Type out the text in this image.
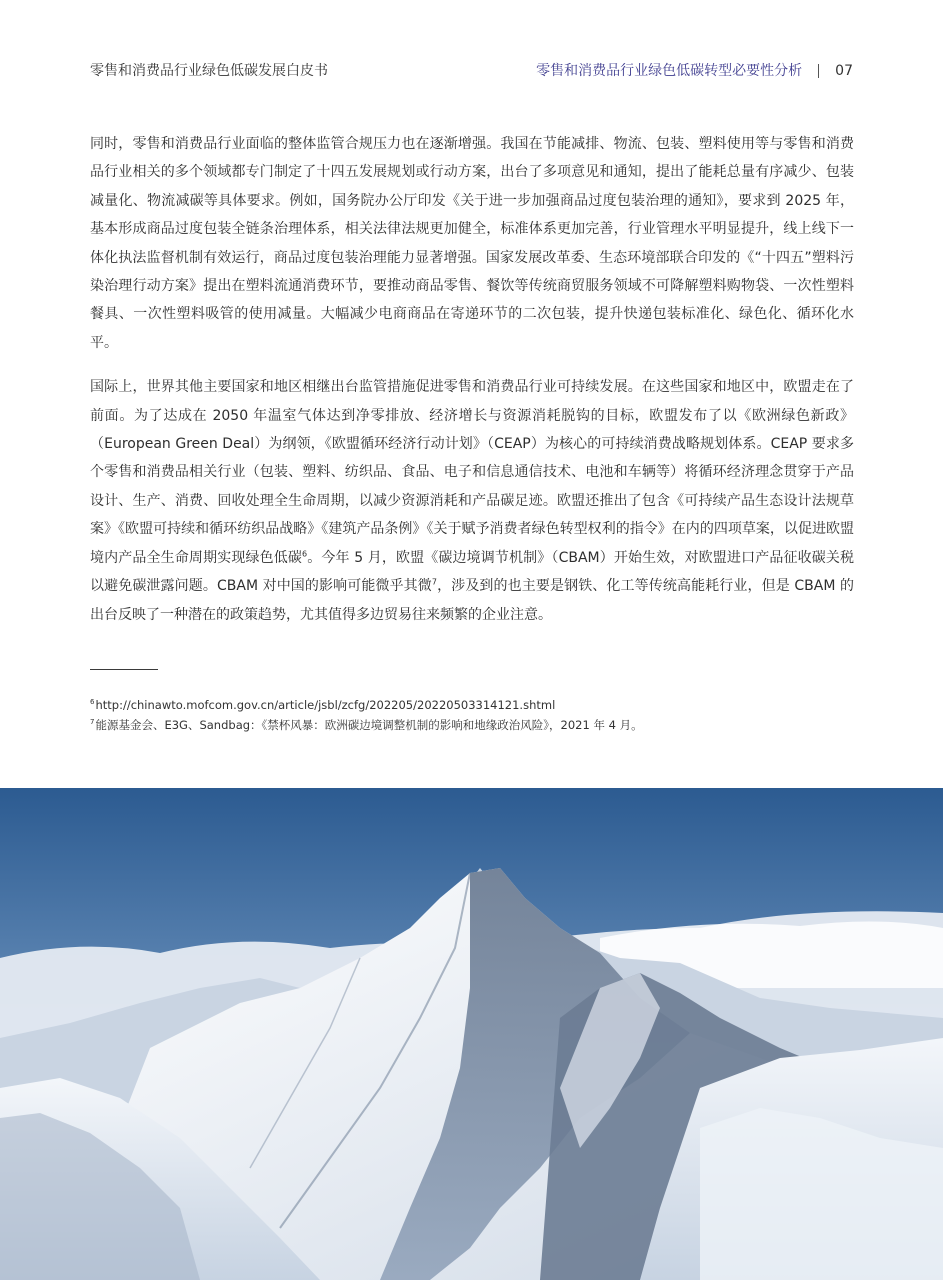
零售和消费品行业绿色低碳发展白皮书	零售和消费品行业绿色低碳转型必要性分析 07

同时，零售和消费品行业面临的整体监管合规压力也在逐渐增强。我国在节能减排、物流、包装、塑料使用等与零售和消费品行业相关的多个领域都专门制定了十四五发展规划或行动方案，出台了多项意见和通知，提出了能耗总量有序减少、包装减量化、物流减碳等具体要求。例如，国务院办公厅印发《关于进一步加强商品过度包装治理的通知》，要求到 2025 年，基本形成商品过度包装全链条治理体系，相关法律法规更加健全，标准体系更加完善，行业管理水平明显提升，线上线下一体化执法监督机制有效运行，商品过度包装治理能力显著增强。国家发展改革委、生态环境部联合印发的《“十四五”塑料污染治理行动方案》提出在塑料流通消费环节，要推动商品零售、餐饮等传统商贸服务领域不可降解塑料购物袋、一次性塑料餐具、一次性塑料吸管的使用减量。大幅减少电商商品在寄递环节的二次包装，提升快递包装标准化、绿色化、循环化水平。

国际上，世界其他主要国家和地区相继出台监管措施促进零售和消费品行业可持续发展。在这些国家和地区中，欧盟走在了前面。为了达成在 2050 年温室气体达到净零排放、经济增长与资源消耗脱钩的目标，欧盟发布了以《欧洲绿色新政》（European Green Deal）为纲领，《欧盟循环经济行动计划》（CEAP）为核心的可持续消费战略规划体系。CEAP 要求多个零售和消费品相关行业（包装、塑料、纺织品、食品、电子和信息通信技术、电池和车辆等）将循环经济理念贯穿于产品设计、生产、消费、回收处理全生命周期，以减少资源消耗和产品碳足迹。欧盟还推出了包含《可持续产品生态设计法规草案》《欧盟可持续和循环纺织品战略》《建筑产品条例》《关于赋予消费者绿色转型权利的指令》在内的四项草案，以促进欧盟境内产品全生命周期实现绿色低碳$^6$。今年 5 月，欧盟《碳边境调节机制》（CBAM）开始生效，对欧盟进口产品征收碳关税以避免碳泄露问题。CBAM 对中国的影响可能微乎其微$^7$，涉及到的也主要是钢铁、化工等传统高能耗行业，但是 CBAM 的出台反映了一种潜在的政策趋势，尤其值得多边贸易往来频繁的企业注意。

$^6$http://chinawto.mofcom.gov.cn/article/jsbl/zcfg/202205/20220503314121.shtml
$^7$能源基金会、E3G、Sandbag：《禁杯风暴：欧洲碳边境调整机制的影响和地缘政治风险》，2021 年 4 月。
